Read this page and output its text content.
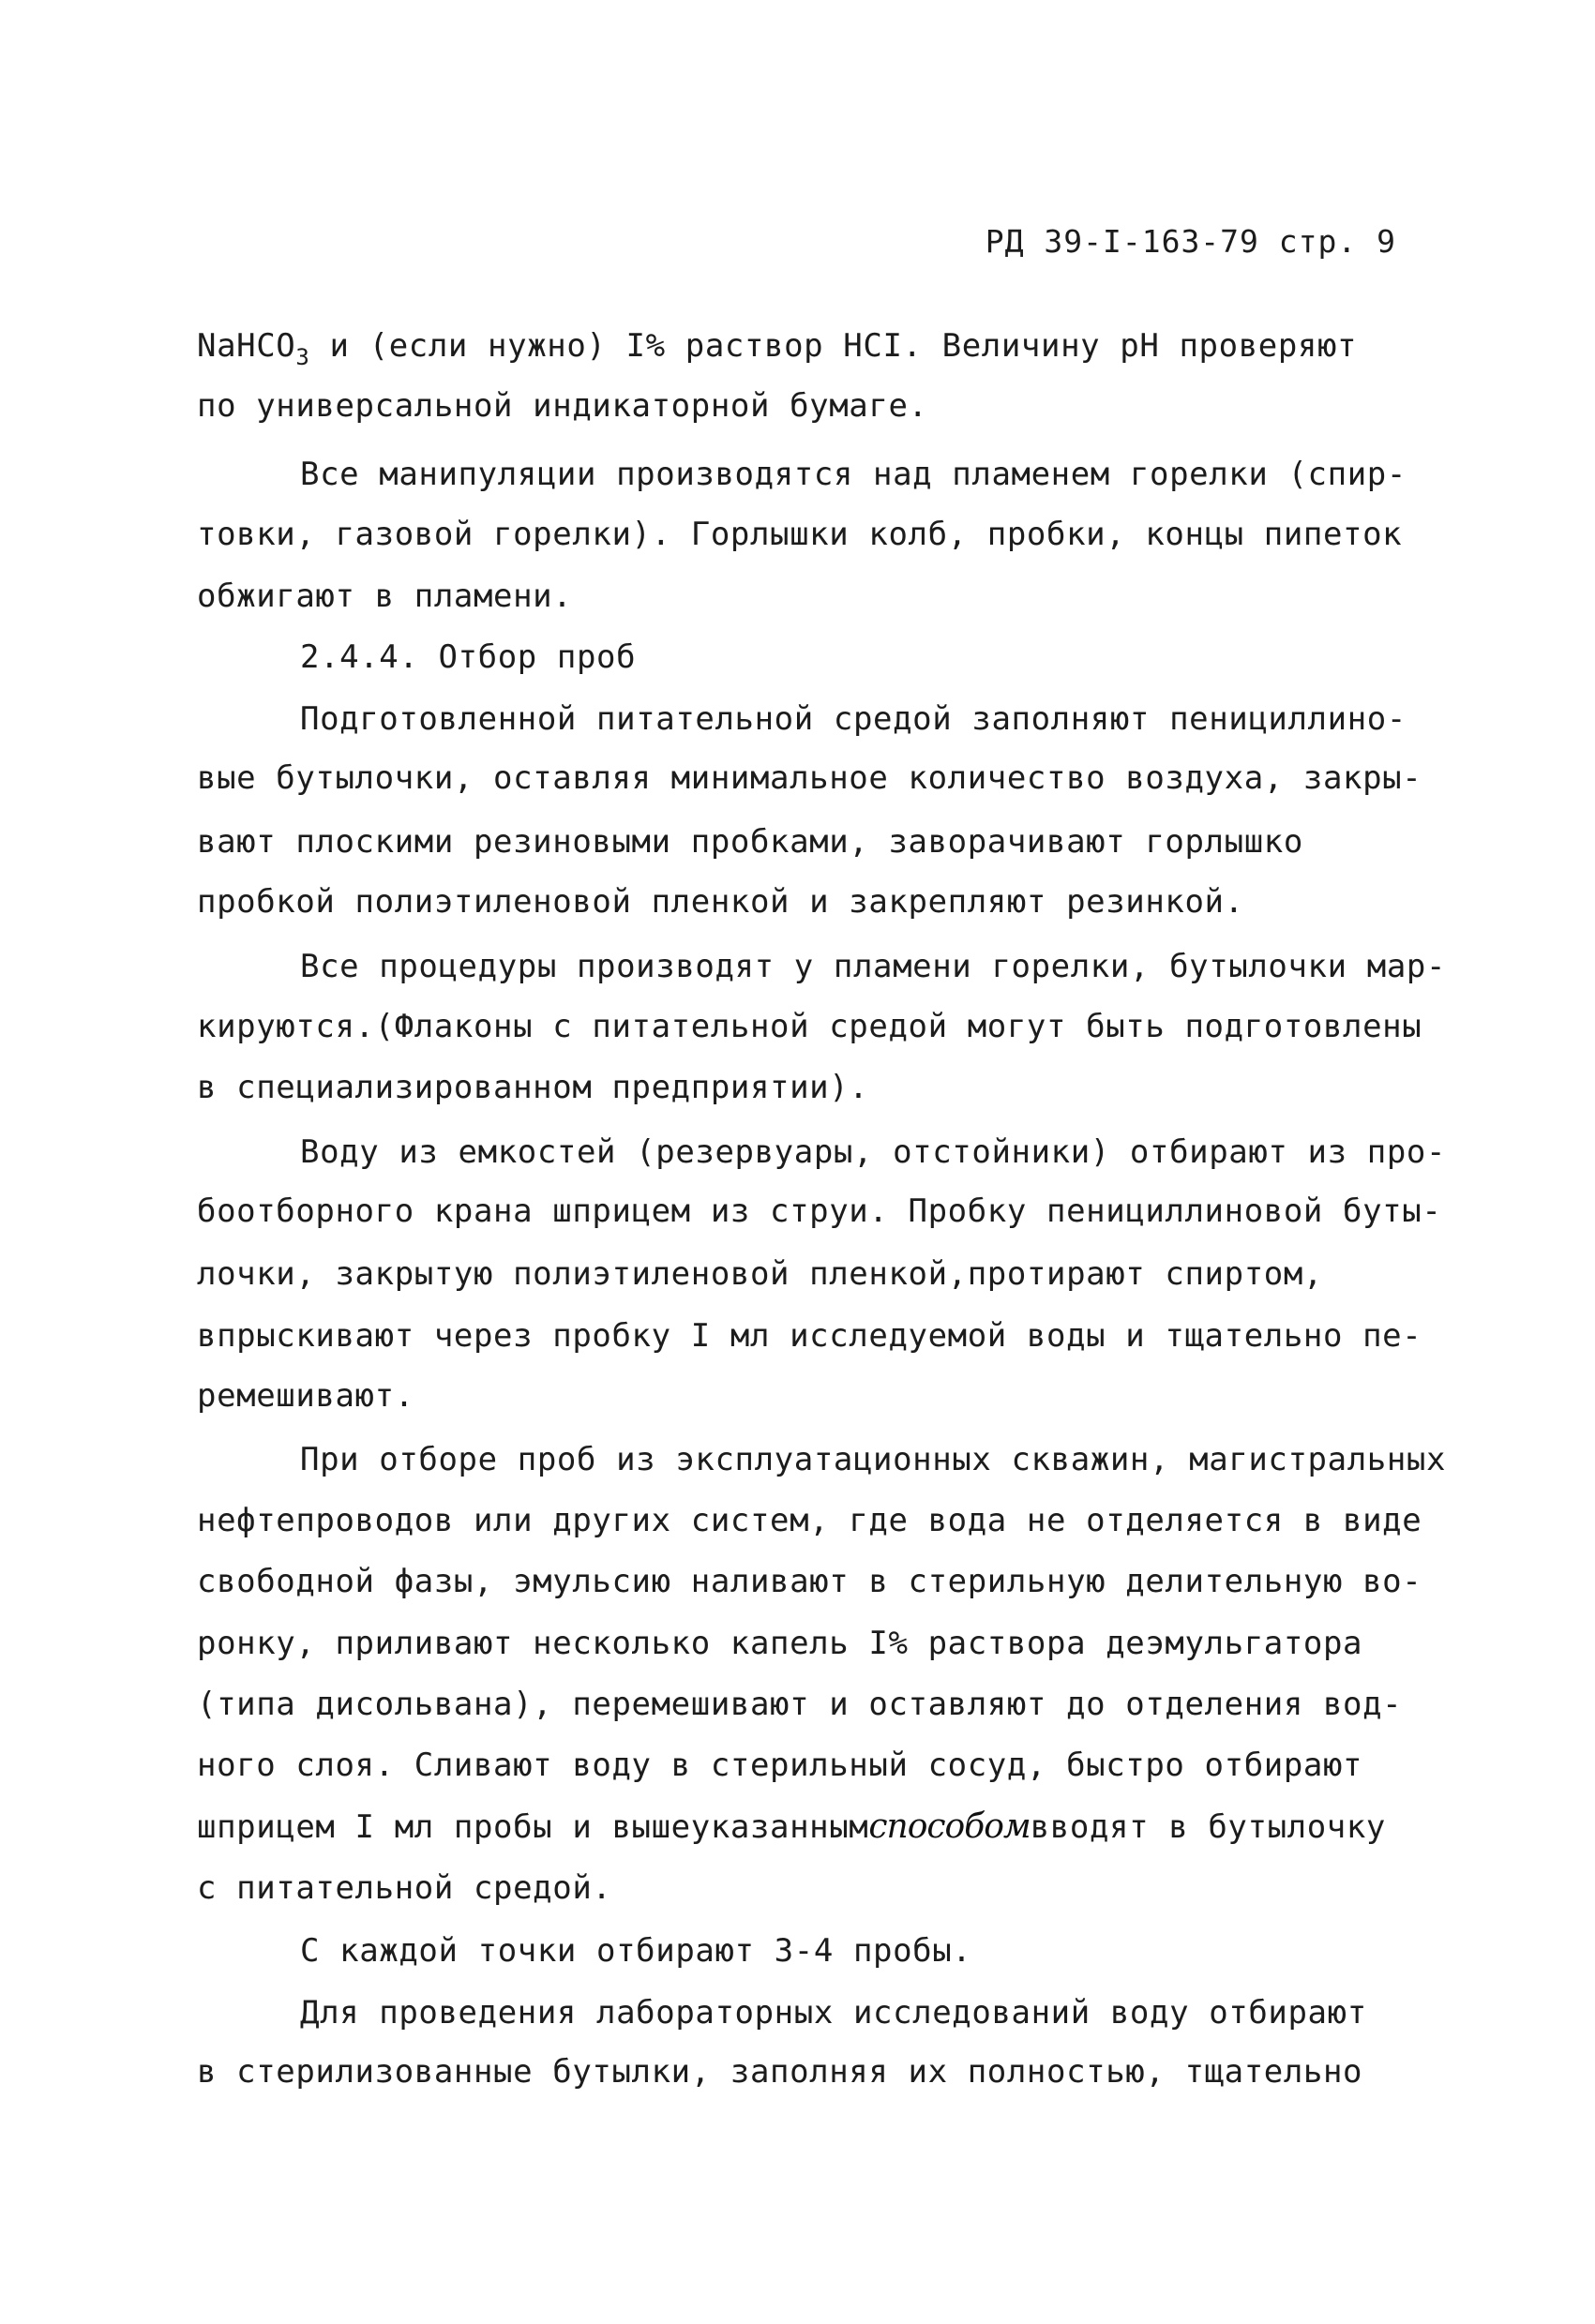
РД 39-I-163-79 стр. 9
NaHCO$_3$ и (если нужно) I% раствор HCI. Величину pH проверяют
по универсальной индикаторной бумаге.
Все манипуляции производятся над пламенем горелки (спир-
товки, газовой горелки). Горлышки колб, пробки, концы пипеток
обжигают в пламени.
2.4.4. Отбор проб
Подготовленной питательной средой заполняют пенициллино-
вые бутылочки, оставляя минимальное количество воздуха, закры-
вают плоскими резиновыми пробками, заворачивают горлышко
пробкой полиэтиленовой пленкой и закрепляют резинкой.
Все процедуры производят у пламени горелки, бутылочки мар-
кируются.(Флаконы с питательной средой могут быть подготовлены
в специализированном предприятии).
Воду из емкостей (резервуары, отстойники) отбирают из про-
боотборного крана шприцем из струи. Пробку пенициллиновой буты-
лочки, закрытую полиэтиленовой пленкой,протирают спиртом,
впрыскивают через пробку I мл исследуемой воды и тщательно пе-
ремешивают.
При отборе проб из эксплуатационных скважин, магистральных
нефтепроводов или других систем, где вода не отделяется в виде
свободной фазы, эмульсию наливают в стерильную делительную во-
ронку, приливают несколько капель I% раствора деэмульгатора
(типа дисольвана), перемешивают и оставляют до отделения вод-
ного слоя. Сливают воду в стерильный сосуд, быстро отбирают
шприцем I мл пробы и вышеуказаннымспособомвводят в бутылочку
с питательной средой.
С каждой точки отбирают 3-4 пробы.
Для проведения лабораторных исследований воду отбирают
в стерилизованные бутылки, заполняя их полностью, тщательно
